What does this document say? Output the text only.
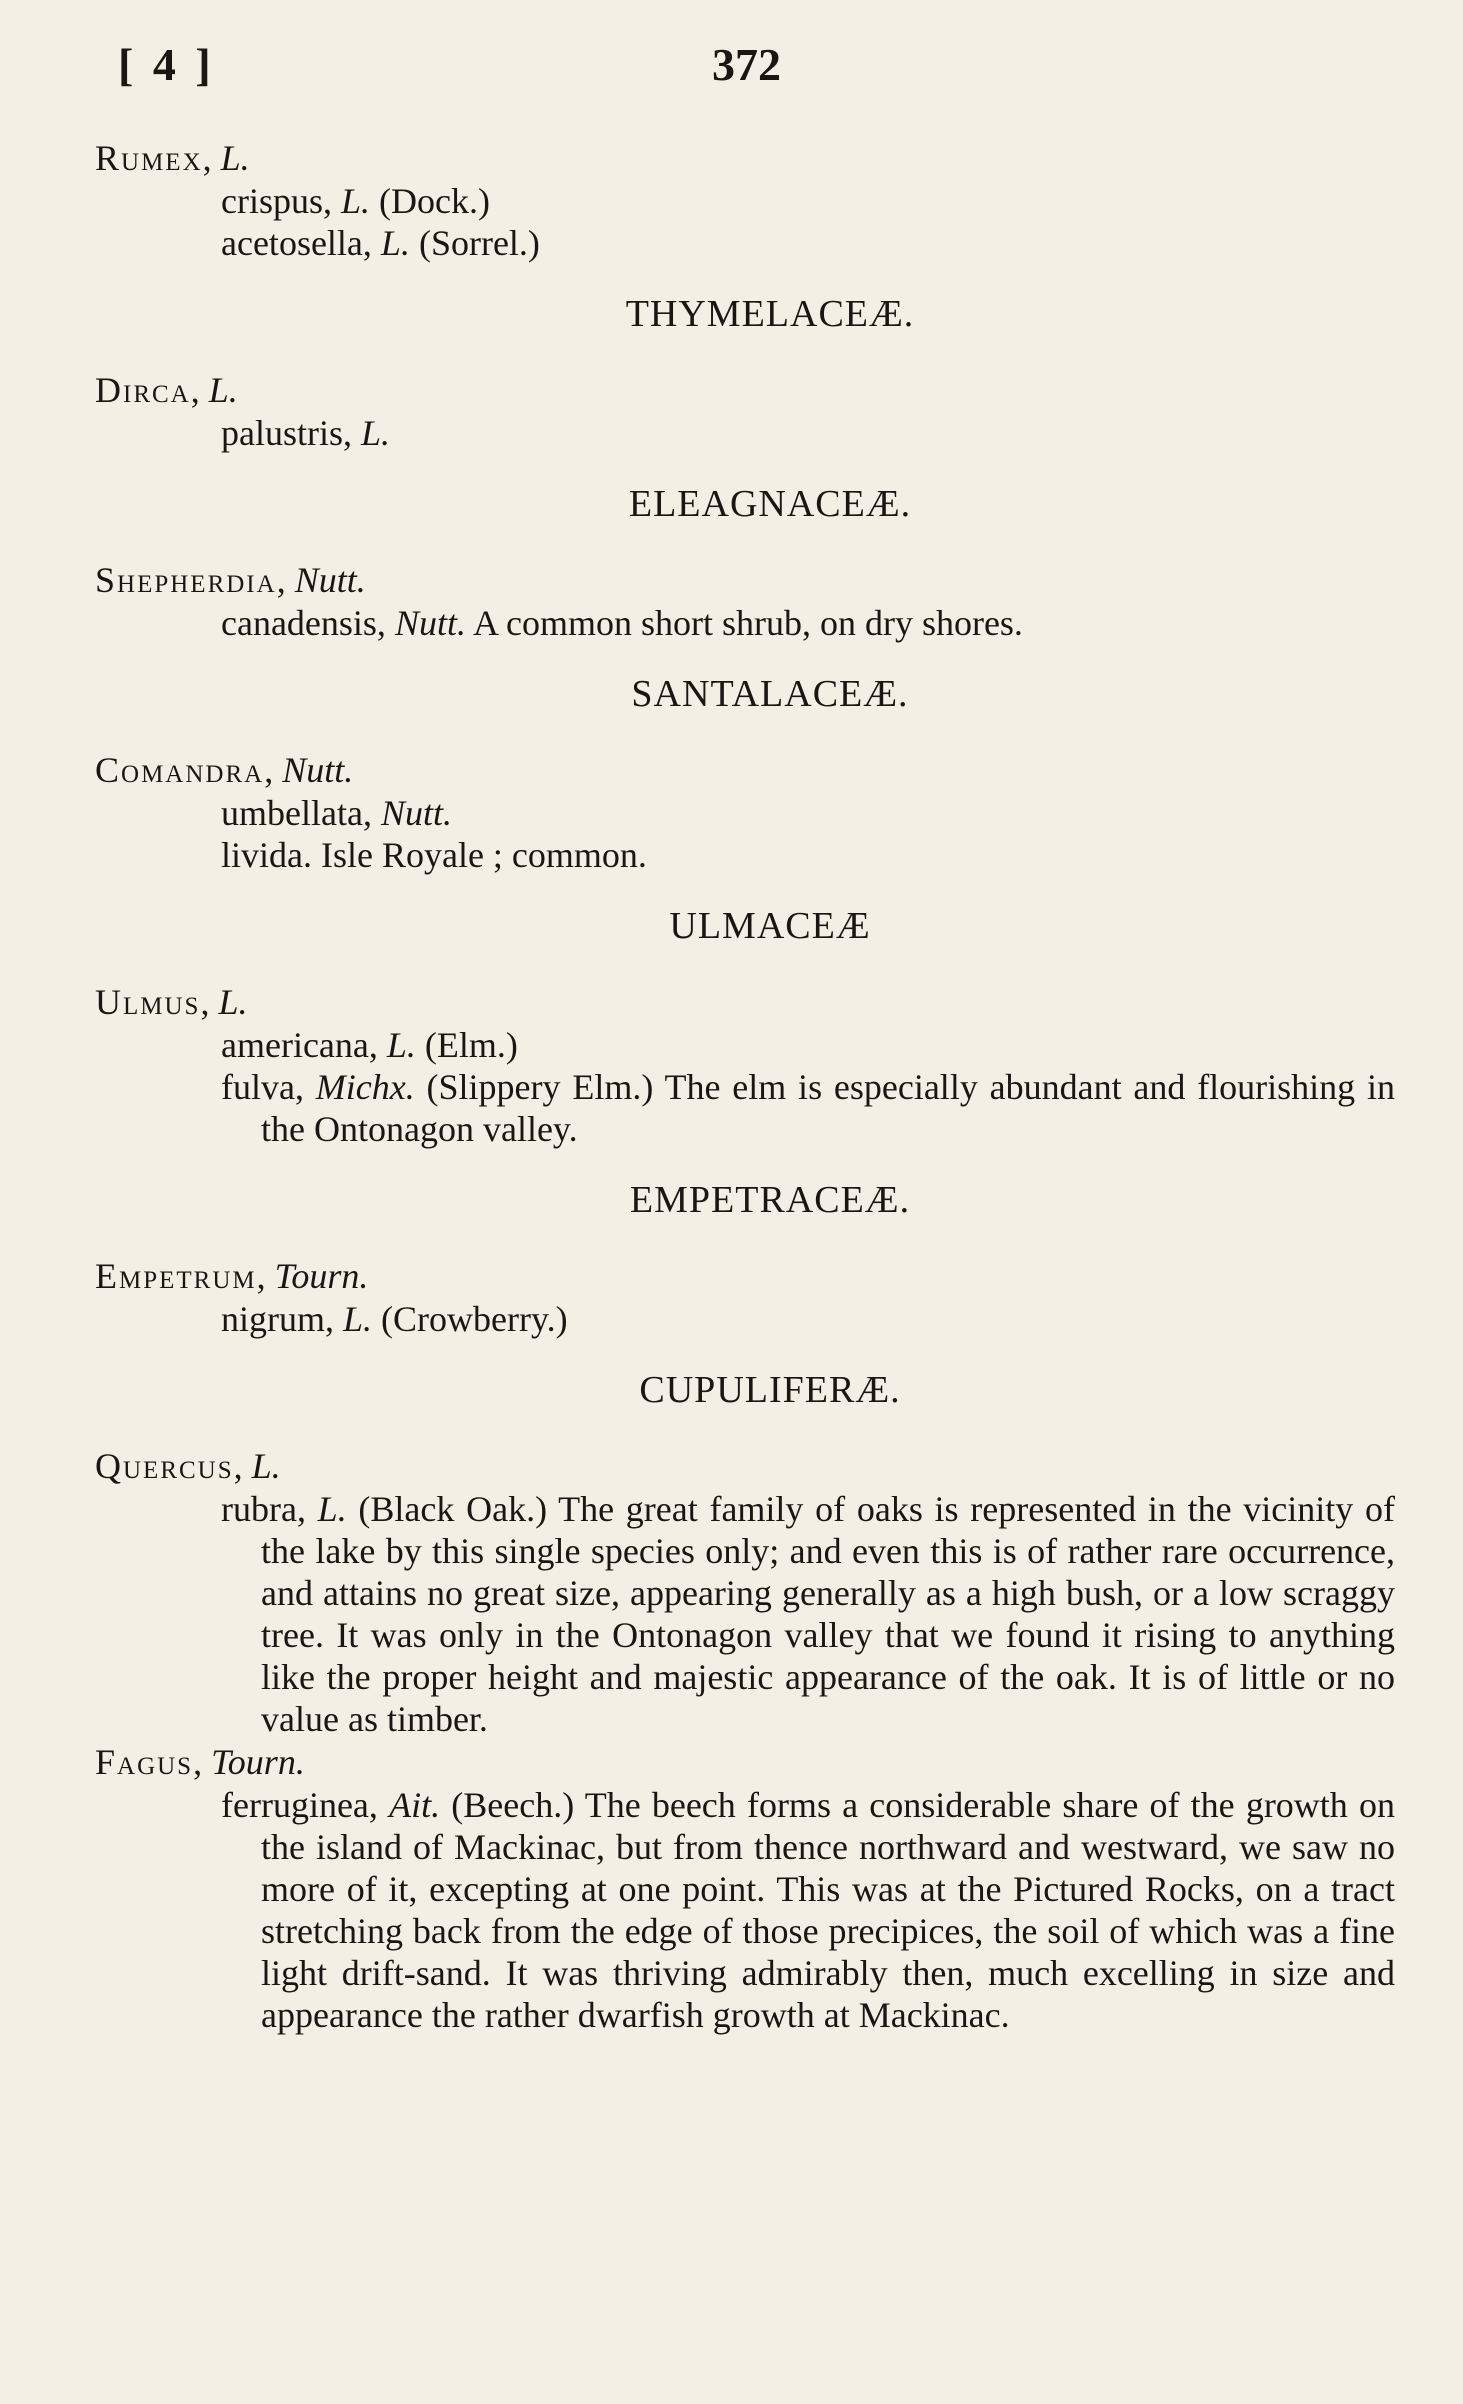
[ 4 ]	372

Rumex, L.

crispus, L. (Dock.)

acetosella, L. (Sorrel.)

THYMELACEÆ.

Dirca, L.

palustris, L.

ELEAGNACEÆ.

Shepherdia, Nutt.

canadensis, Nutt. A common short shrub, on dry shores.

SANTALACEÆ.

Comandra, Nutt.

umbellata, Nutt.

livida. Isle Royale ; common.

ULMACEÆ

Ulmus, L.

americana, L. (Elm.)

fulva, Michx. (Slippery Elm.) The elm is especially abundant and flourishing in the Ontonagon valley.

EMPETRACEÆ.

Empetrum, Tourn.

nigrum, L. (Crowberry.)

CUPULIFERÆ.

Quercus, L.

rubra, L. (Black Oak.) The great family of oaks is represented in the vicinity of the lake by this single species only; and even this is of rather rare occurrence, and attains no great size, appearing generally as a high bush, or a low scraggy tree. It was only in the Ontonagon valley that we found it rising to anything like the proper height and majestic appearance of the oak. It is of little or no value as timber.

Fagus, Tourn.

ferruginea, Ait. (Beech.) The beech forms a considerable share of the growth on the island of Mackinac, but from thence northward and westward, we saw no more of it, excepting at one point. This was at the Pictured Rocks, on a tract stretching back from the edge of those precipices, the soil of which was a fine light drift-sand. It was thriving admirably then, much excelling in size and appearance the rather dwarfish growth at Mackinac.
